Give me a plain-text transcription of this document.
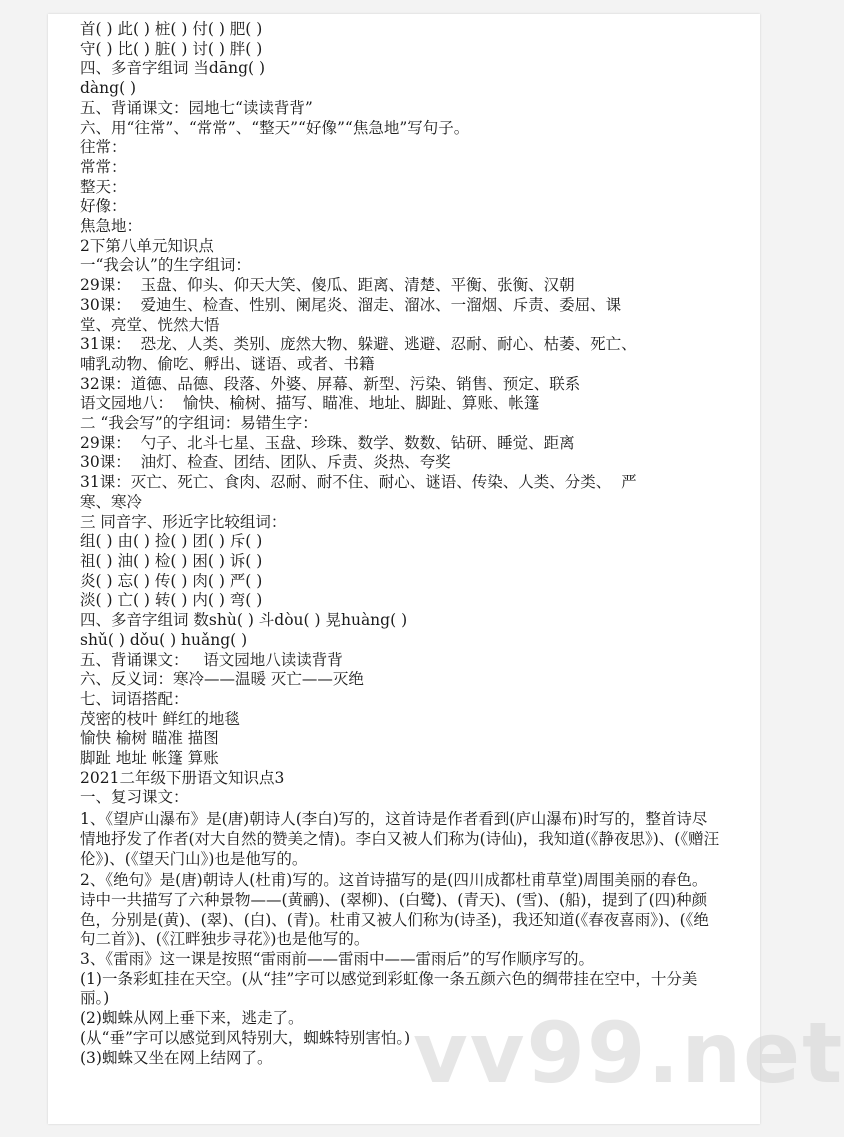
首( ) 此( ) 桩( ) 付( ) 肥( )
守( ) 比( ) 脏( ) 讨( ) 胖( )
四、多音字组词 当dāng( )
dàng( )
五、背诵课文：园地七“读读背背”
六、用“往常”、“常常”、“整天”“好像”“焦急地”写句子。
往常：
常常：
整天：
好像：
焦急地：
2下第八单元知识点
一“我会认”的生字组词：
29课：  玉盘、仰头、仰天大笑、傻瓜、距离、清楚、平衡、张衡、汉朝
30课：  爱迪生、检查、性别、阑尾炎、溜走、溜冰、一溜烟、斥责、委屈、课
堂、亮堂、恍然大悟
31课：  恐龙、人类、类别、庞然大物、躲避、逃避、忍耐、耐心、枯萎、死亡、
哺乳动物、偷吃、孵出、谜语、或者、书籍
32课：道德、品德、段落、外婆、屏幕、新型、污染、销售、预定、联系
语文园地八：  愉快、榆树、描写、瞄准、地址、脚趾、算账、帐篷
二 “我会写”的字组词：易错生字：
29课：  勺子、北斗七星、玉盘、珍珠、数学、数数、钻研、睡觉、距离
30课：  油灯、检查、团结、团队、斥责、炎热、夸奖
31课：灭亡、死亡、食肉、忍耐、耐不住、耐心、谜语、传染、人类、分类、  严
寒、寒冷
三 同音字、形近字比较组词：
组( ) 由( ) 捡( ) 团( ) 斥( )
祖( ) 油( ) 检( ) 困( ) 诉( )
炎( ) 忘( ) 传( ) 肉( ) 严( )
淡( ) 亡( ) 转( ) 内( ) 弯( )
四、多音字组词 数shù( ) 斗dòu( ) 晃huàng( )
shǔ( ) dǒu( ) huǎng( )
五、背诵课文：   语文园地八读读背背
六、反义词：寒冷——温暖 灭亡——灭绝
七、词语搭配：
茂密的枝叶 鲜红的地毯
愉快 榆树 瞄准 描图
脚趾 地址 帐篷 算账
2021二年级下册语文知识点3
一、复习课文：
1、《望庐山瀑布》是(唐)朝诗人(李白)写的，这首诗是作者看到(庐山瀑布)时写的，整首诗尽情地抒发了作者(对大自然的赞美之情)。李白又被人们称为(诗仙)，我知道(《静夜思》)、(《赠汪伦》)、(《望天门山》)也是他写的。
2、《绝句》是(唐)朝诗人(杜甫)写的。这首诗描写的是(四川成都杜甫草堂)周围美丽的春色。诗中一共描写了六种景物——(黄鹂)、(翠柳)、(白鹭)、(青天)、(雪)、(船)，提到了(四)种颜色，分别是(黄)、(翠)、(白)、(青)。杜甫又被人们称为(诗圣)，我还知道(《春夜喜雨》)、(《绝句二首》)、(《江畔独步寻花》)也是他写的。
3、《雷雨》这一课是按照“雷雨前——雷雨中——雷雨后”的写作顺序写的。
(1)一条彩虹挂在天空。(从“挂”字可以感觉到彩虹像一条五颜六色的绸带挂在空中，十分美丽。)
(2)蜘蛛从网上垂下来，逃走了。
(从“垂”字可以感觉到风特别大，蜘蛛特别害怕。)
(3)蜘蛛又坐在网上结网了。	vv99.net
